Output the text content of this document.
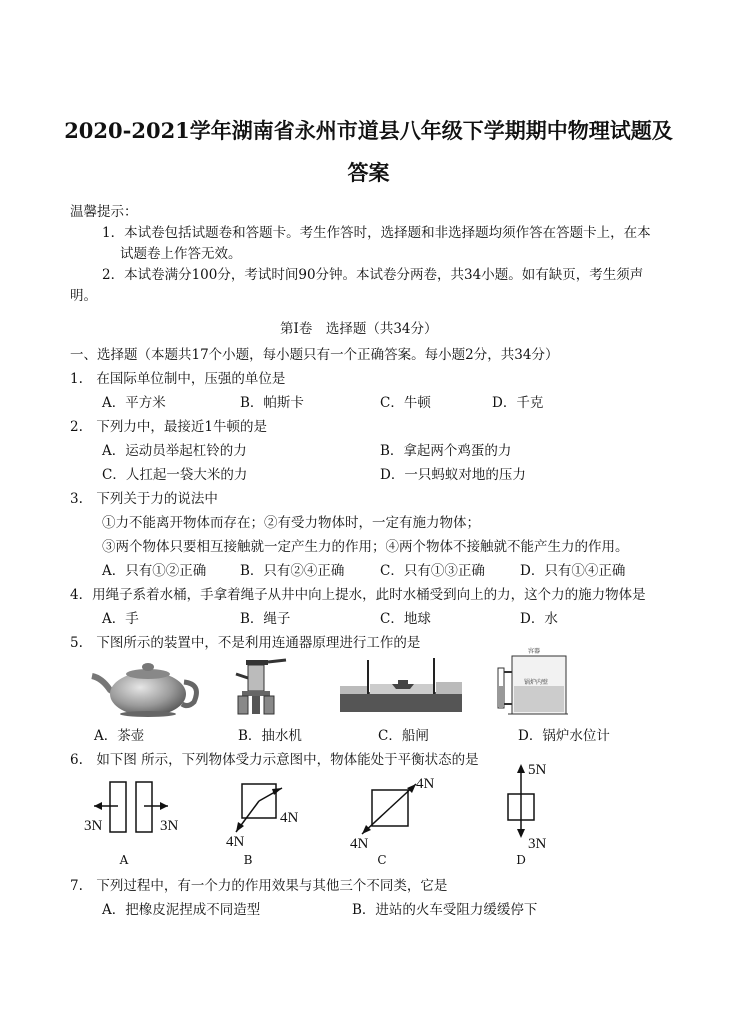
2020-2021学年湖南省永州市道县八年级下学期期中物理试题及
答案
温馨提示：
1．本试卷包括试题卷和答题卡。考生作答时，选择题和非选择题均须作答在答题卡上，在本
试题卷上作答无效。
2．本试卷满分100分，考试时间90分钟。本试卷分两卷，共34小题。如有缺页，考生须声
明。
第Ⅰ卷　选择题（共34分）
一、选择题（本题共17个小题，每小题只有一个正确答案。每小题2分，共34分）
1.　在国际单位制中，压强的单位是
A．平方米	B．帕斯卡	C．牛顿	D．千克
2.　下列力中，最接近1牛顿的是
A．运动员举起杠铃的力	B．拿起两个鸡蛋的力
C．人扛起一袋大米的力	D．一只蚂蚁对地的压力
3.　下列关于力的说法中
①力不能离开物体而存在；②有受力物体时，一定有施力物体；
③两个物体只要相互接触就一定产生力的作用；④两个物体不接触就不能产生力的作用。
A．只有①②正确	B．只有②④正确	C．只有①③正确	D．只有①④正确
4．用绳子系着水桶，手拿着绳子从井中向上提水，此时水桶受到向上的力，这个力的施力物体是
A．手	B．绳子	C．地球	D．水
5.　下图所示的装置中，不是利用连通器原理进行工作的是
容器
锅炉内壁
A．茶壶	B．抽水机	C．船闸	D．锅炉水位计
6.　如下图 所示，下列物体受力示意图中，物体能处于平衡状态的是
3N	3N
A
4N
4N
B
4N
4N
C
5N
3N
D
7.　下列过程中，有一个力的作用效果与其他三个不同类，它是
A．把橡皮泥捏成不同造型	B．进站的火车受阻力缓缓停下
